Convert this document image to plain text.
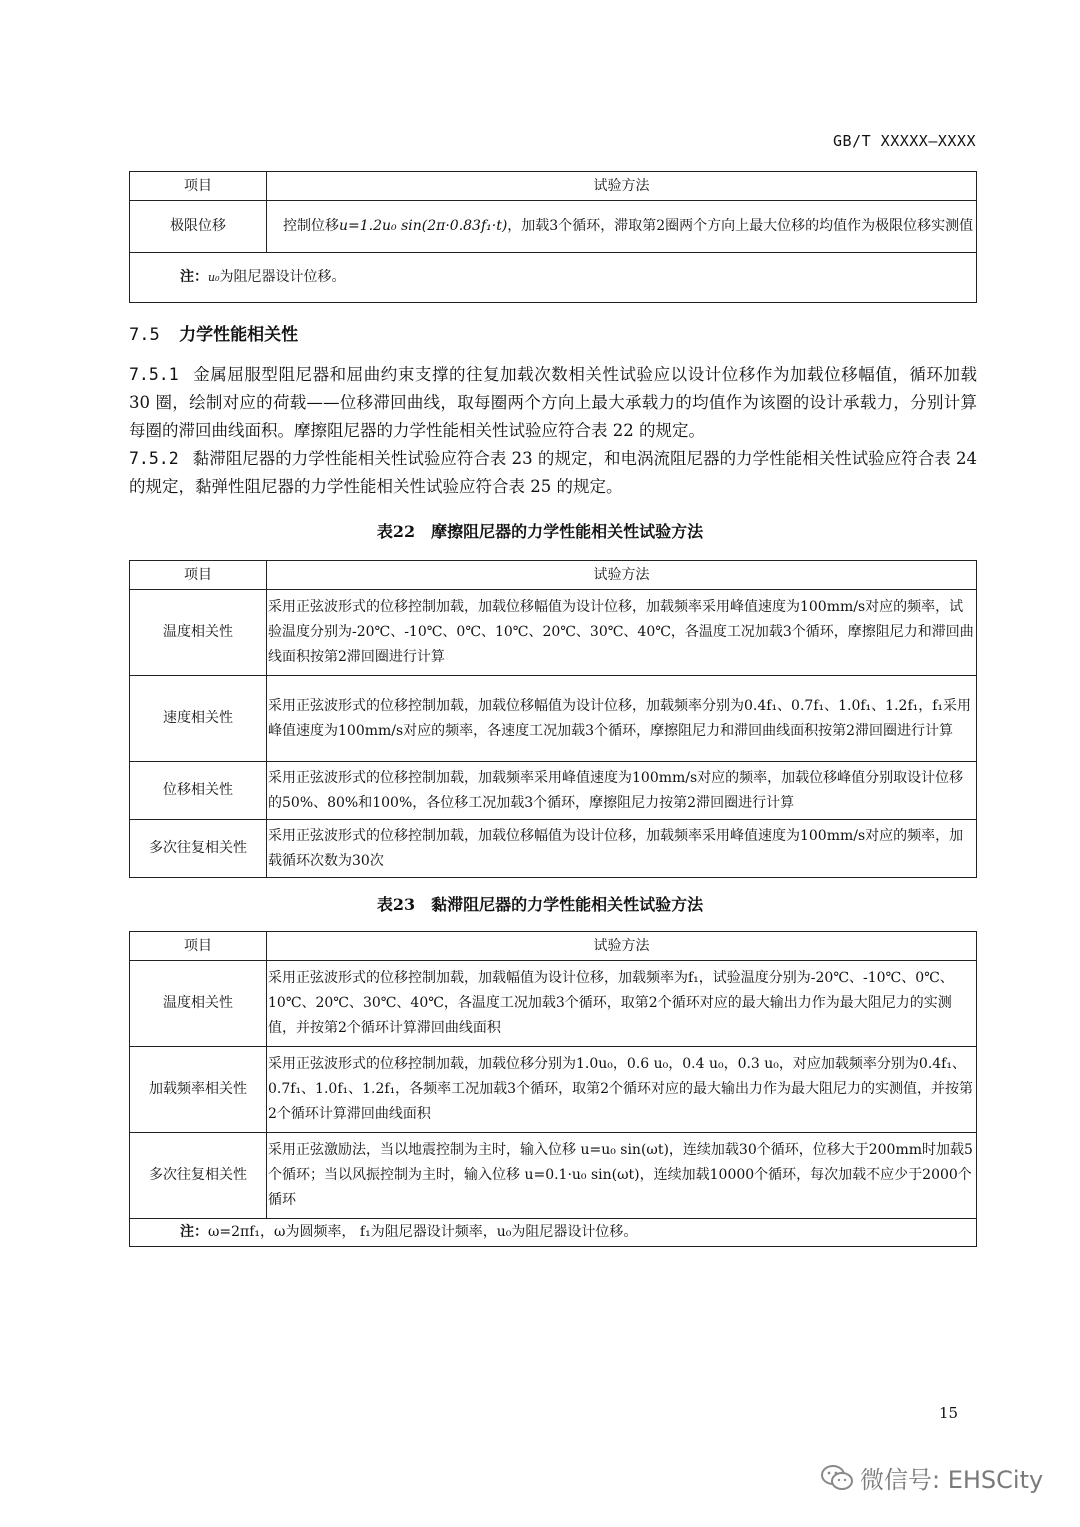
GB/T XXXXX—XXXX
项目	试验方法
极限位移	控制位移u=1.2u₀ sin(2π·0.83f₁·t)，加载3个循环，滞取第2圈两个方向上最大位移的均值作为极限位移实测值
注：u₀为阻尼器设计位移。	
7.5 力学性能相关性
7.5.1 金属屈服型阻尼器和屈曲约束支撑的往复加载次数相关性试验应以设计位移作为加载位移幅值，循环加载 30 圈，绘制对应的荷载——位移滞回曲线，取每圈两个方向上最大承载力的均值作为该圈的设计承载力，分别计算每圈的滞回曲线面积。摩擦阻尼器的力学性能相关性试验应符合表 22 的规定。
7.5.2 黏滞阻尼器的力学性能相关性试验应符合表 23 的规定，和电涡流阻尼器的力学性能相关性试验应符合表 24 的规定，黏弹性阻尼器的力学性能相关性试验应符合表 25 的规定。
表22 摩擦阻尼器的力学性能相关性试验方法
项目	试验方法
温度相关性	采用正弦波形式的位移控制加载，加载位移幅值为设计位移，加载频率采用峰值速度为100mm/s对应的频率，试验温度分别为-20℃、-10℃、0℃、10℃、20℃、30℃、40℃，各温度工况加载3个循环，摩擦阻尼力和滞回曲线面积按第2滞回圈进行计算
速度相关性	采用正弦波形式的位移控制加载，加载位移幅值为设计位移，加载频率分别为0.4f₁、0.7f₁、1.0f₁、1.2f₁，f₁采用峰值速度为100mm/s对应的频率，各速度工况加载3个循环，摩擦阻尼力和滞回曲线面积按第2滞回圈进行计算
位移相关性	采用正弦波形式的位移控制加载，加载频率采用峰值速度为100mm/s对应的频率，加载位移峰值分别取设计位移的50%、80%和100%，各位移工况加载3个循环，摩擦阻尼力按第2滞回圈进行计算
多次往复相关性	采用正弦波形式的位移控制加载，加载位移幅值为设计位移，加载频率采用峰值速度为100mm/s对应的频率，加载循环次数为30次
表23 黏滞阻尼器的力学性能相关性试验方法
项目	试验方法
温度相关性	采用正弦波形式的位移控制加载，加载幅值为设计位移，加载频率为f₁，试验温度分别为-20℃、-10℃、0℃、10℃、20℃、30℃、40℃，各温度工况加载3个循环，取第2个循环对应的最大输出力作为最大阻尼力的实测值，并按第2个循环计算滞回曲线面积
加载频率相关性	采用正弦波形式的位移控制加载，加载位移分别为1.0u₀，0.6 u₀，0.4 u₀，0.3 u₀，对应加载频率分别为0.4f₁、0.7f₁、1.0f₁、1.2f₁，各频率工况加载3个循环，取第2个循环对应的最大输出力作为最大阻尼力的实测值，并按第2个循环计算滞回曲线面积
多次往复相关性	采用正弦激励法，当以地震控制为主时，输入位移 u=u₀ sin(ωt)，连续加载30个循环，位移大于200mm时加载5个循环；当以风振控制为主时，输入位移 u=0.1·u₀ sin(ωt)，连续加载10000个循环，每次加载不应少于2000个循环
注：ω=2πf₁，ω为圆频率， f₁为阻尼器设计频率，u₀为阻尼器设计位移。	
15
微信号: EHSCity
